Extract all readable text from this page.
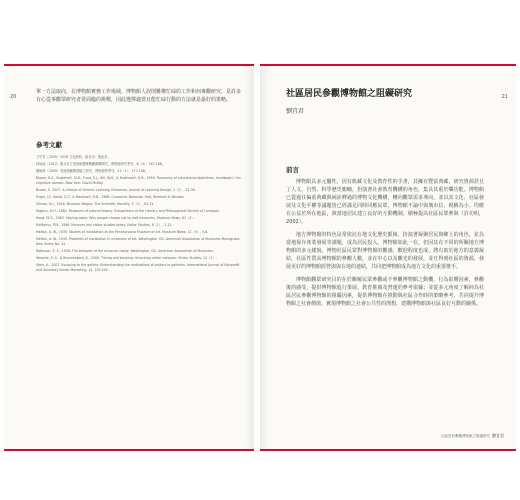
20

單一方法取向，在博物館實務工作場域，博物館人誤則難權忙碌的工作和何專觀研究，是許多有心從事觀眾研究者常面臨的挑戰，因此選擇適當且能忙碌行動的方法就是最好的策略。

參考文獻
王竹君（2009）2026 文化研析，新北市：無此頁。
林詠能（2012）臺北市立美術館觀眾參觀動機研究，博物館研究季刊，6（4）：167-188。
劉婉珍（2009）美術館觀眾經驗之研究，博物館學季刊，23（1）：177-198。
Bloom, B.S., Englehart, M.D., Furst, E.J., Hill, W.H., & Krathwohl, D.R., 1956. Taxonomy of educational objectives, handbook I: the cognitive domain. New York: David McKay.
Brown, S. 2007. A critique of Generic Learning Outcomes. Journal of Learning Design, 2（2）, 22-30.
Engel, J.F., Kollat, D.T., & Blackwell, R.D., 1968. Consumer Behavior. Holt, Rinehart & Winston.
Gilman, B.I., 1916. Museum fatigue. The Scientific Monthly, 2（1）, 62-74.
Higgins, H.H., 1884. Museums of natural history. Transactions of the Literary and Philosophical Society of Liverpool.
Hood, M.G., 1983. Staying away: Why people choose not to visit museums. Museum News, 61（4）.
McManus, P.M., 1996. Museum and visitor studies today. Visitor Studies, 8（1）, 1-12.
Melton, A. W., 1935. Studies of installation at the Pennsylvania Museum of Art. Museum News, 12（5）, 5-8.
Melton, A. W., 1935. Problems of installation in museums of art. Washington, DC: American Association of Museums Monograph New Series No. 14.
Robinson, E. S., 1928. The behavior of the museum visitor. Washington, DC: American Association of Museums.
Yalowitz, S. S., & Bronnenkant, K., 2009. Timing and tracking: Unlocking visitor behavior. Visitor Studies, 12（1）.
Stein, A., 2007. Escaping to the gallery: Understanding the motivations of visitors to galleries. International Journal of Nonprofit and Voluntary Sector Marketing, 12, 193-202.
21
社區居民參觀博物館之阻礙研究
劉宜君
前言

博物館具多元屬性，因有典藏文化及教育性的手書，其擁有豐富典藏，研究資源甚且了人文、自然、科學歷史範疇，扮演著社會教育機構的角色，集具其重於樂功能。博物館已從過往偏重典藏與純詮釋過的博物文化機構，轉向觀眾需求導向，並以其文化、社區發展及文化平權等議題皆已經滿足同時回應民眾，博物館不論中與城市位，視稱為小、均應在公益於所在地區，與當地居民建立良好的互動機制，積極提高社區民眾參與（許功明，2002）。

地方博物館的特色是常依託在地文化歷史脈絡，扮演著凝聚居民與鄉土的角色，並為當地保存產業發展等課題，成為居民投入，博物館如此一在，但因其在不同的所關地方博物館的多元樣貌，博物社區民眾對博物館的觀感，歡迎程度也成，將有助於地方的意義凝結，社區性質高博物館的參觀人數，並在中心以及觀光的發展，並且得到社區的資源，發展更好的博物館經營與與在地的連結，共同把博物館成為地方文化的重要推手。

博物館觀眾研究目的在於瞭解民眾參觀或不參觀博物館之動機，行為影響因素，參觀後的感受，提供博物館進行策展、教育推廣及營運的參考依據；並從多元角度了解何為社區居民參觀博物館的阻礙因素，提供博物館在推動與社區合作時的策略參考，共同提升博物館之社會價值，實現博物館之社會公共性的理想，建構博物館與社區良好互動的關係。

社區居民參觀博物館之阻礙研究 劉宜君
